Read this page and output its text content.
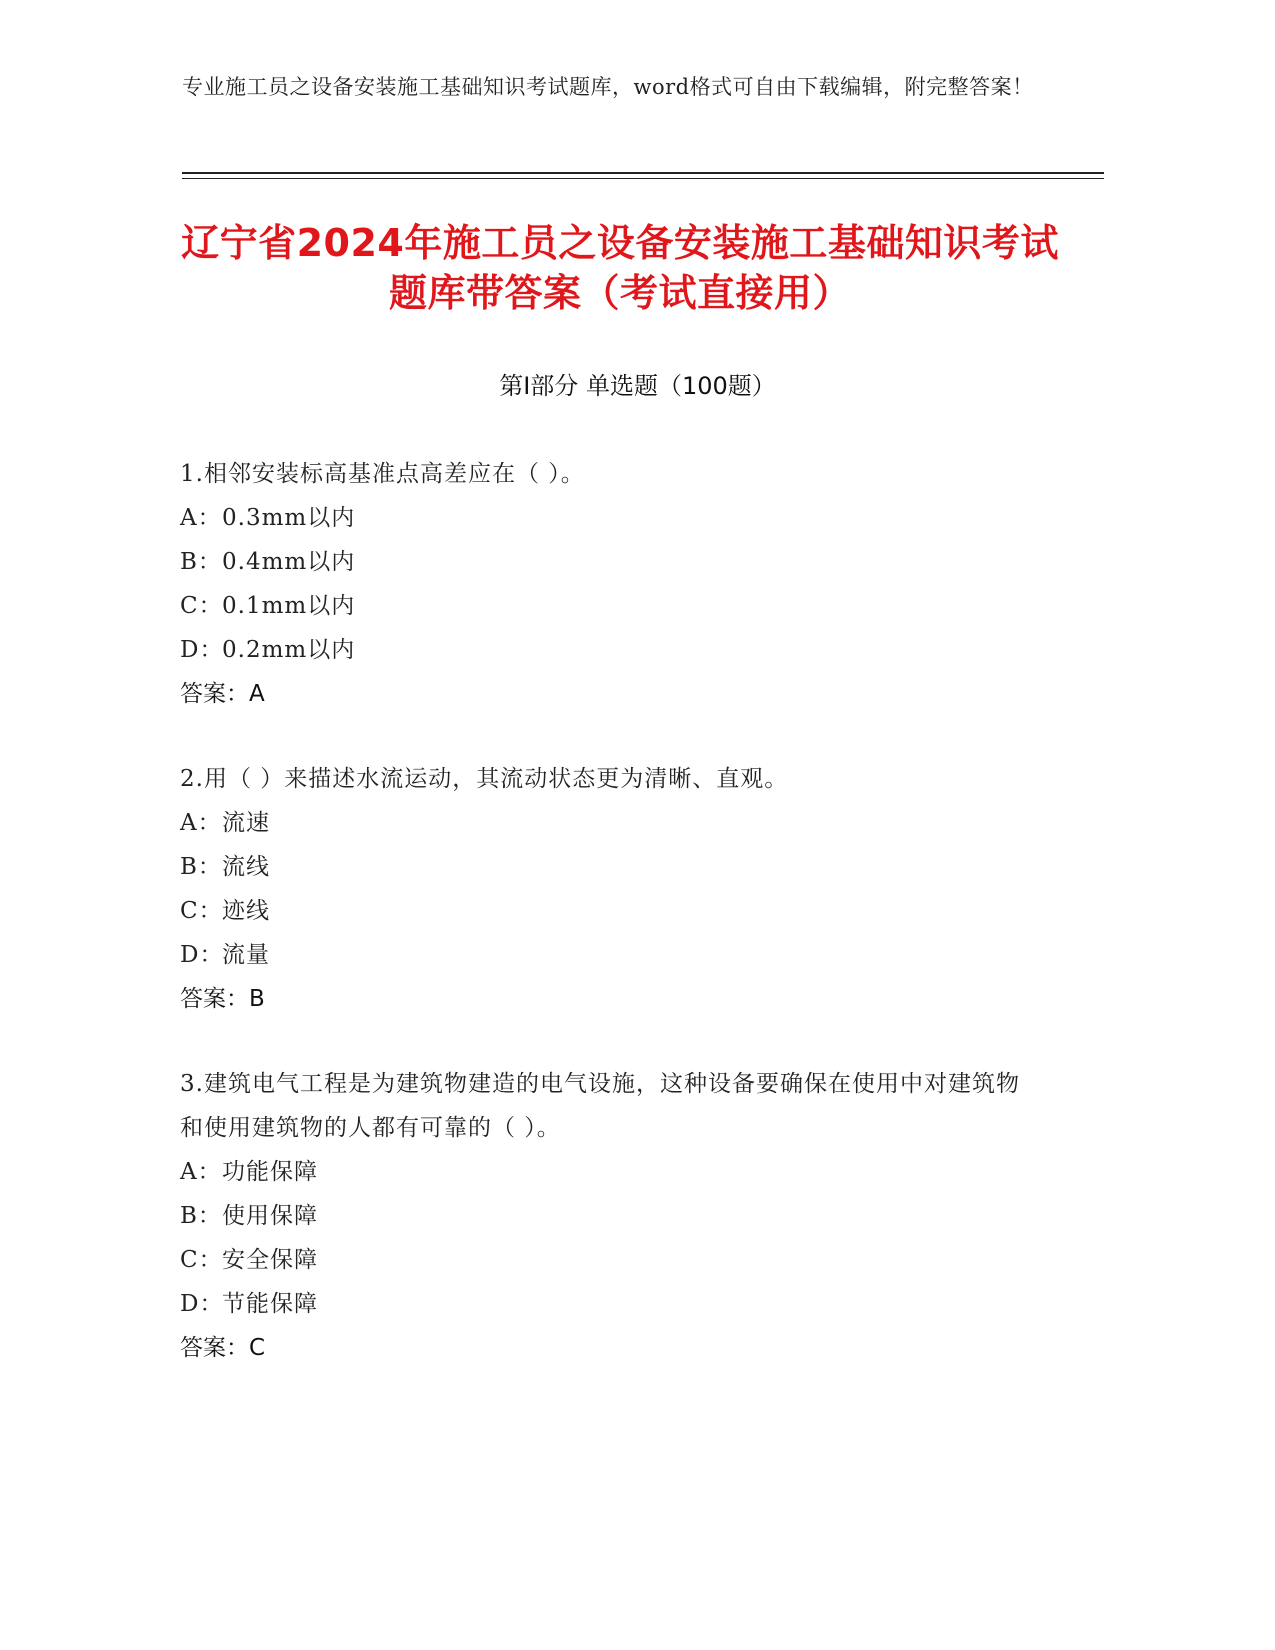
专业施工员之设备安装施工基础知识考试题库，word格式可自由下载编辑，附完整答案！
辽宁省2024年施工员之设备安装施工基础知识考试题库带答案（考试直接用）
第Ⅰ部分 单选题（100题）
1.相邻安装标高基准点高差应在（ ）。
A： 0.3mm以内
B： 0.4mm以内
C： 0.1mm以内
D：
0.2mm以内
答案：A
2.用（ ）来描述水流运动，其流动状态更为清晰、直观。
A： 流速
B： 流线
C： 迹线
D：
流量
答案：B
3.建筑电气工程是为建筑物建造的电气设施，这种设备要确保在使用中对建筑物和使用建筑物的人都有可靠的（ ）。
A： 功能保障
B： 使用保障
C： 安全保障
D：
节能保障
答案：C
